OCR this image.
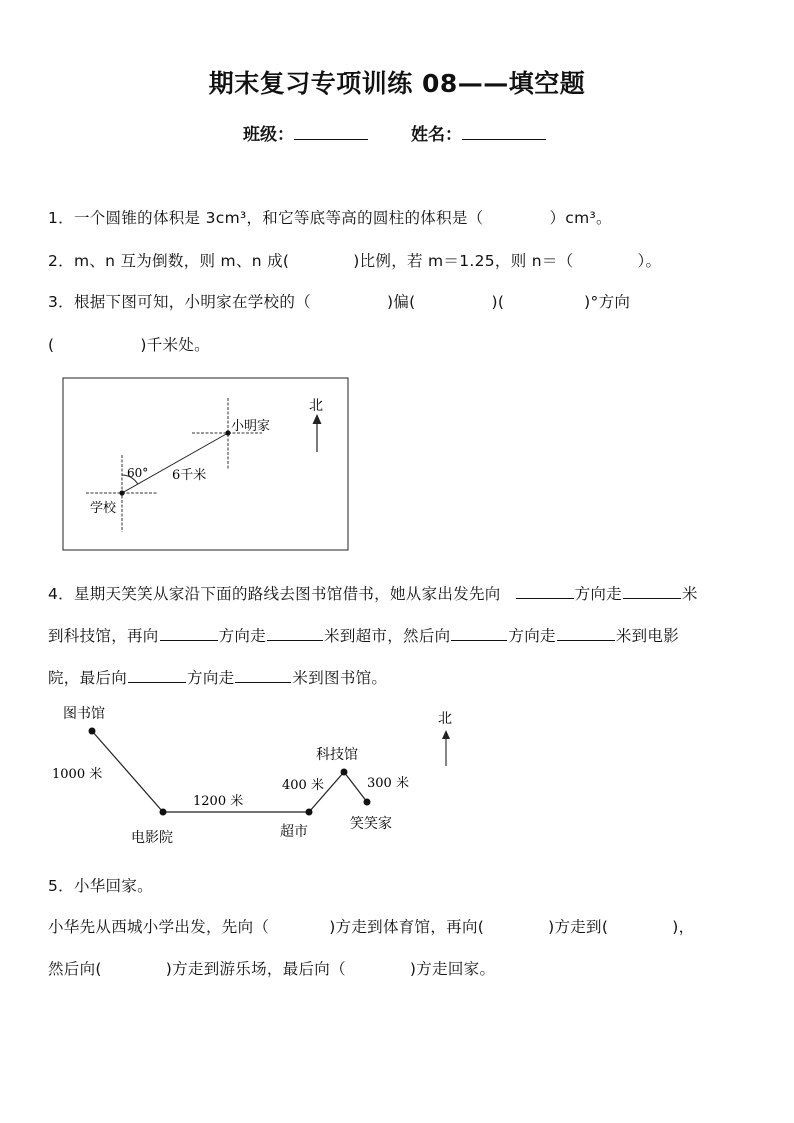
期末复习专项训练 08——填空题
班级：	姓名：
1．一个圆锥的体积是 3cm³，和它等底等高的圆柱的体积是（	）cm³。
2．m、n 互为倒数，则 m、n 成(	)比例，若 m＝1.25，则 n＝（	）。
3．根据下图可知，小明家在学校的（	)偏(	)(	)°方向
(	)千米处。
60° 6千米
小明家
学校
北
4．星期天笑笑从家沿下面的路线去图书馆借书，她从家出发先向	方向走	米
到科技馆，再向	方向走	米到超市，然后向	方向走	米到电影
院，最后向	方向走	米到图书馆。
图书馆
电影院	超市
科技馆
笑笑家
1000 米
1200 米
400 米	300 米
北
5．小华回家。
小华先从西城小学出发，先向（	)方走到体育馆，再向(	)方走到(	)，
然后向(	)方走到游乐场，最后向（	)方走回家。
